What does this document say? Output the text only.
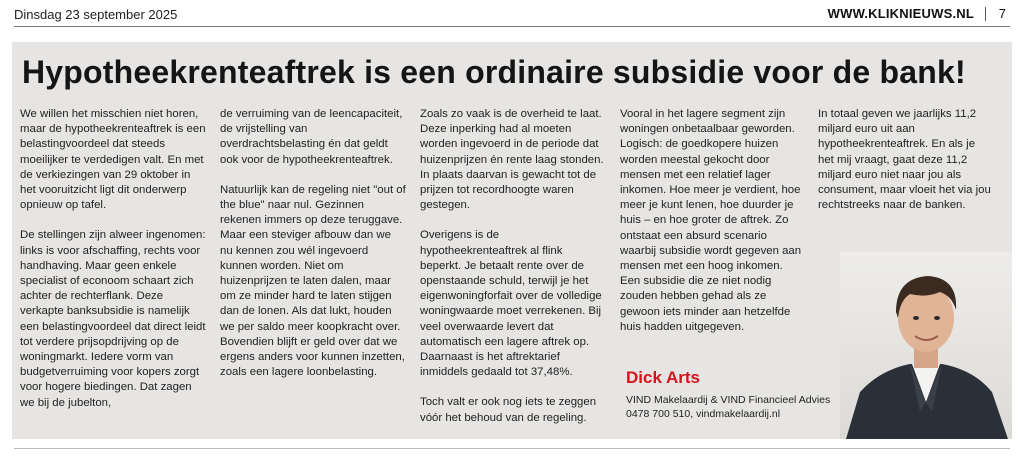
Dinsdag 23 september 2025	WWW.KLIKNIEUWS.NL 7
Hypotheekrenteaftrek is een ordinaire subsidie voor de bank!

We willen het misschien niet horen, maar de hypotheekrenteaftrek is een belastingvoordeel dat steeds moeilijker te verdedigen valt. En met de verkiezingen van 29 oktober in het vooruitzicht ligt dit onderwerp opnieuw op tafel.

De stellingen zijn alweer ingenomen: links is voor afschaffing, rechts voor handhaving. Maar geen enkele specialist of econoom schaart zich achter de rechterflank. Deze verkapte banksubsidie is namelijk een belastingvoordeel dat direct leidt tot verdere prijsopdrijving op de woningmarkt. Iedere vorm van budgetverruiming voor kopers zorgt voor hogere biedingen. Dat zagen we bij de jubelton,

de verruiming van de leencapaciteit, de vrijstelling van overdrachtsbelasting én dat geldt ook voor de hypotheekrenteaftrek.

Natuurlijk kan de regeling niet "out of the blue" naar nul. Gezinnen rekenen immers op deze teruggave. Maar een steviger afbouw dan we nu kennen zou wél ingevoerd kunnen worden. Niet om huizenprijzen te laten dalen, maar om ze minder hard te laten stijgen dan de lonen. Als dat lukt, houden we per saldo meer koopkracht over. Bovendien blijft er geld over dat we ergens anders voor kunnen inzetten, zoals een lagere loonbelasting.

Zoals zo vaak is de overheid te laat. Deze inperking had al moeten worden ingevoerd in de periode dat huizenprijzen én rente laag stonden. In plaats daarvan is gewacht tot de prijzen tot recordhoogte waren gestegen.

Overigens is de hypotheekrenteaftrek al flink beperkt. Je betaalt rente over de openstaande schuld, terwijl je het eigenwoningforfait over de volledige woningwaarde moet verrekenen. Bij veel overwaarde levert dat automatisch een lagere aftrek op. Daarnaast is het aftrektarief inmiddels gedaald tot 37,48%.

Toch valt er ook nog iets te zeggen vóór het behoud van de regeling.

Vooral in het lagere segment zijn woningen onbetaalbaar geworden. Logisch: de goedkopere huizen worden meestal gekocht door mensen met een relatief lager inkomen. Hoe meer je verdient, hoe meer je kunt lenen, hoe duurder je huis – en hoe groter de aftrek. Zo ontstaat een absurd scenario waarbij subsidie wordt gegeven aan mensen met een hoog inkomen. Een subsidie die ze niet nodig zouden hebben gehad als ze gewoon iets minder aan hetzelfde huis hadden uitgegeven.

In totaal geven we jaarlijks 11,2 miljard euro uit aan hypotheekrenteaftrek. En als je het mij vraagt, gaat deze 11,2 miljard euro niet naar jou als consument, maar vloeit het via jou rechtstreeks naar de banken.

Dick Arts
VIND Makelaardij & VIND Financieel Advies
0478 700 510, vindmakelaardij.nl
